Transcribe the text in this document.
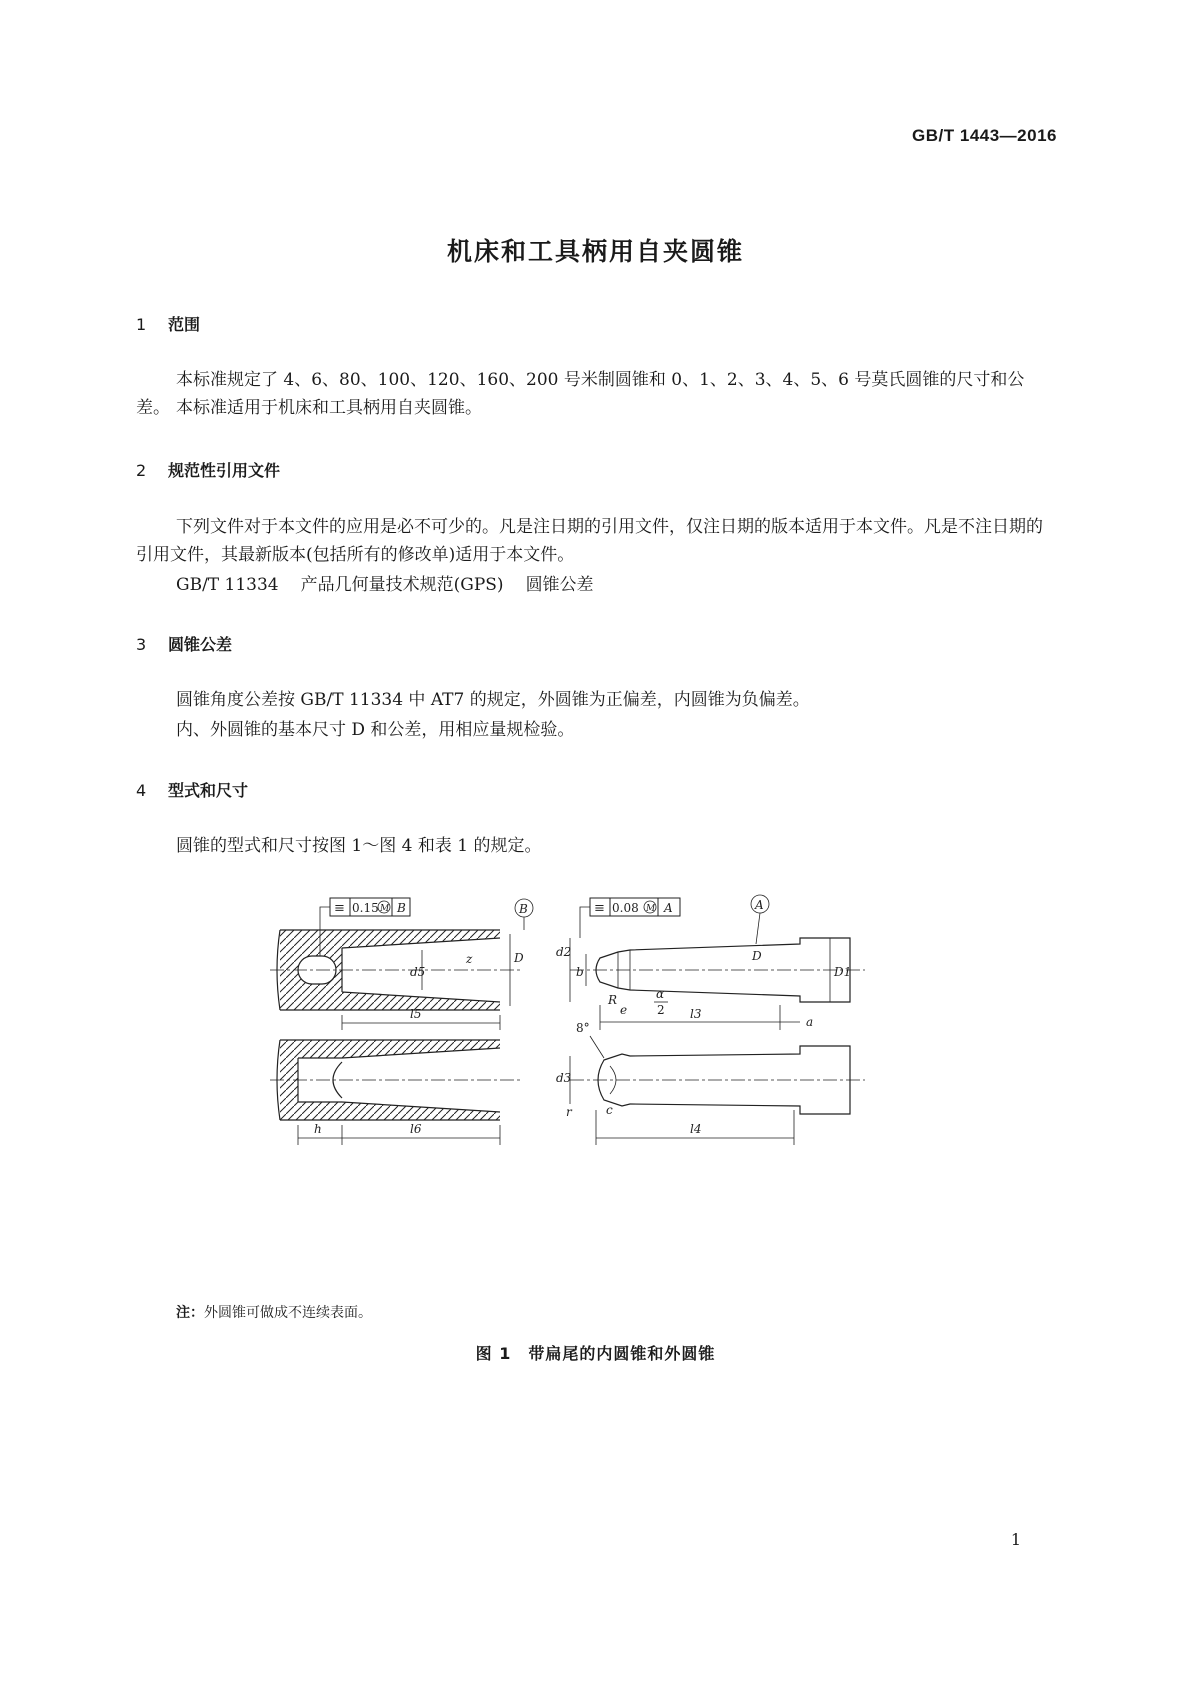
GB/T 1443—2016
机床和工具柄用自夹圆锥
1 范围
本标准规定了 4、6、80、100、120、160、200 号米制圆锥和 0、1、2、3、4、5、6 号莫氏圆锥的尺寸和公差。 本标准适用于机床和工具柄用自夹圆锥。
2 规范性引用文件
下列文件对于本文件的应用是必不可少的。凡是注日期的引用文件，仅注日期的版本适用于本文件。凡是不注日期的引用文件，其最新版本(包括所有的修改单)适用于本文件。
GB/T 11334 产品几何量技术规范(GPS) 圆锥公差
3 圆锥公差
圆锥角度公差按 GB/T 11334 中 AT7 的规定，外圆锥为正偏差，内圆锥为负偏差。
内、外圆锥的基本尺寸 D 和公差，用相应量规检验。
4 型式和尺寸
圆锥的型式和尺寸按图 1～图 4 和表 1 的规定。
d5
z	D
l5
≡ 0.15 M B	B
h	l6
d2
b
R
e
α
2
D
D1
l3
a
≡ 0.08 M A	A
8°
d3
r	c
l4
注：外圆锥可做成不连续表面。
图 1　带扁尾的内圆锥和外圆锥
1
